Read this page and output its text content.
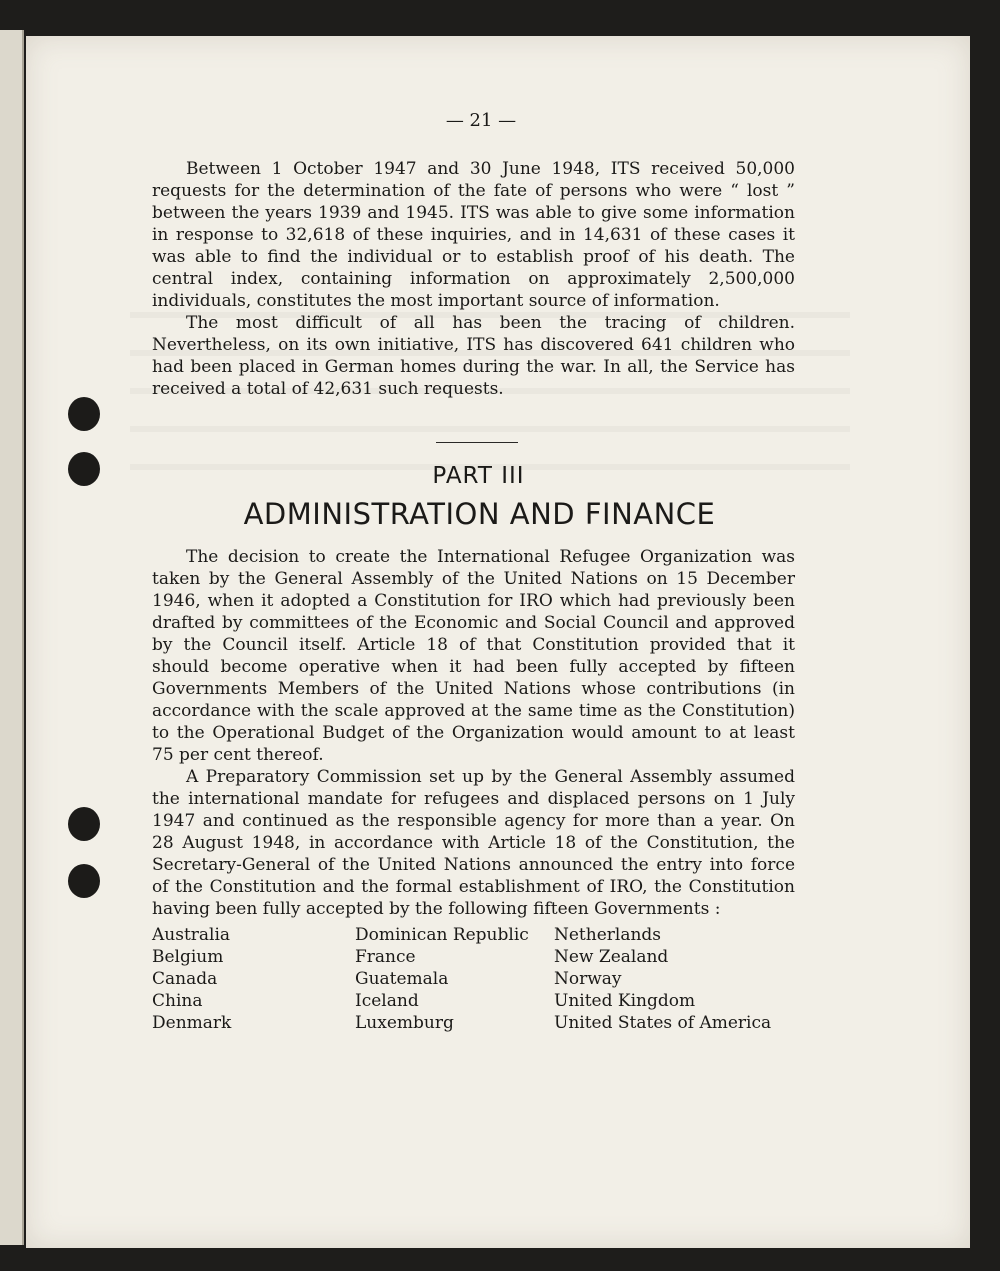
— 21 —

Between 1 October 1947 and 30 June 1948, ITS received 50,000 requests for the determination of the fate of persons who were “ lost ” between the years 1939 and 1945. ITS was able to give some information in response to 32,618 of these inquiries, and in 14,631 of these cases it was able to find the individual or to establish proof of his death. The central index, containing information on approximately 2,500,000 individuals, constitutes the most important source of information.

The most difficult of all has been the tracing of children. Nevertheless, on its own initiative, ITS has discovered 641 children who had been placed in German homes during the war. In all, the Service has received a total of 42,631 such requests.

PART III
ADMINISTRATION AND FINANCE

The decision to create the International Refugee Organization was taken by the General Assembly of the United Nations on 15 December 1946, when it adopted a Constitution for IRO which had previously been drafted by committees of the Economic and Social Council and approved by the Council itself. Article 18 of that Constitution provided that it should become operative when it had been fully accepted by fifteen Governments Members of the United Nations whose contributions (in accordance with the scale approved at the same time as the Constitution) to the Operational Budget of the Organization would amount to at least 75 per cent thereof.

A Preparatory Commission set up by the General Assembly assumed the international mandate for refugees and displaced persons on 1 July 1947 and continued as the responsible agency for more than a year. On 28 August 1948, in accordance with Article 18 of the Constitution, the Secretary-General of the United Nations announced the entry into force of the Constitution and the formal establishment of IRO, the Constitution having been fully accepted by the following fifteen Governments :

Australia	Dominican Republic	Netherlands
Belgium	France	New Zealand
Canada	Guatemala	Norway
China	Iceland	United Kingdom
Denmark	Luxemburg	United States of America
